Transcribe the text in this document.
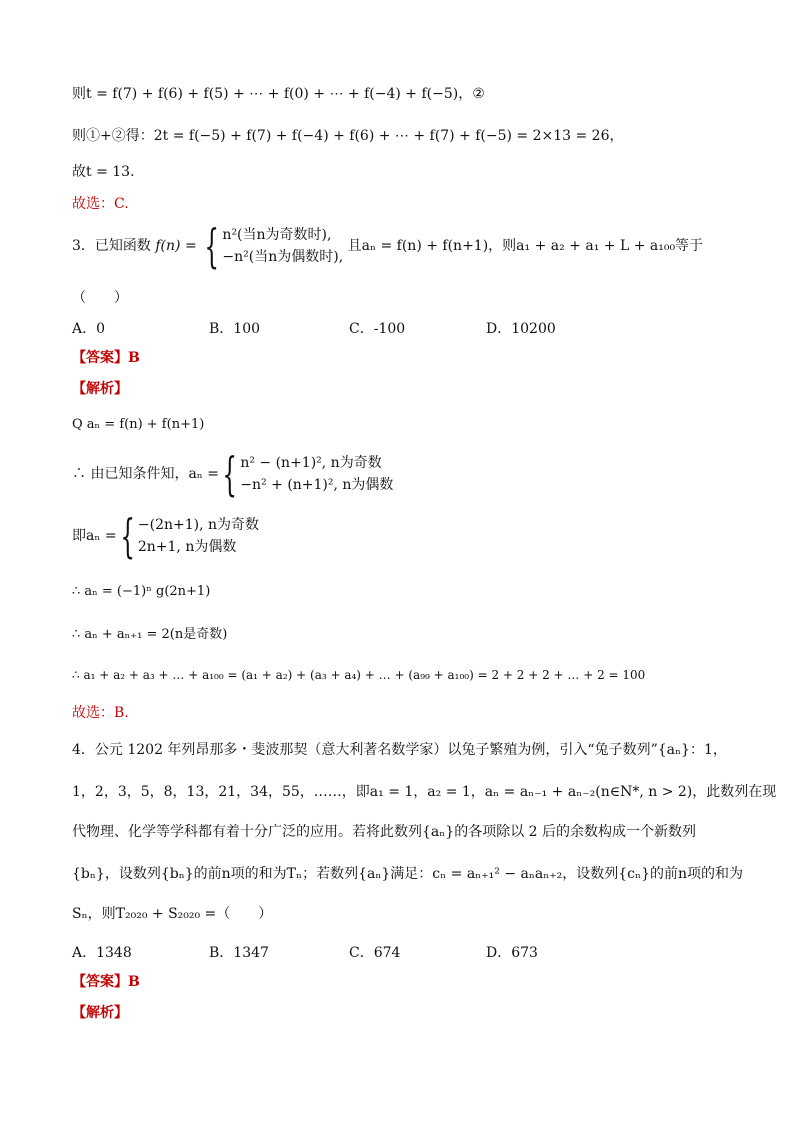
则t = f(7) + f(6) + f(5) + ⋯ + f(0) + ⋯ + f(−4) + f(−5)，②
则①+②得：2t = f(−5) + f(7) + f(−4) + f(6) + ⋯ + f(7) + f(−5) = 2×13 = 26，
故t = 13.
故选：C.
3．已知函数 f(n) = { n²(当n为奇数时),
−n²(当n为偶数时),
且aₙ = f(n) + f(n+1)，则a₁ + a₂ + a₁ + L + a₁₀₀等于
（　　）
A．0	B．100	C．-100	D．10200
【答案】B
【解析】
Q aₙ = f(n) + f(n+1)
∴ 由已知条件知，aₙ ={ n² − (n+1)², n为奇数
−n² + (n+1)², n为偶数
即aₙ ={ −(2n+1), n为奇数
2n+1, n为偶数
∴ aₙ = (−1)ⁿ g(2n+1)
∴ aₙ + aₙ₊₁ = 2(n是奇数)
∴ a₁ + a₂ + a₃ + … + a₁₀₀ = (a₁ + a₂) + (a₃ + a₄) + … + (a₉₉ + a₁₀₀) = 2 + 2 + 2 + … + 2 = 100
故选：B.
4．公元 1202 年列昂那多・斐波那契（意大利著名数学家）以兔子繁殖为例，引入“兔子数列”{aₙ}：1，
1，2，3，5，8，13，21，34，55，……，即a₁ = 1，a₂ = 1，aₙ = aₙ₋₁ + aₙ₋₂(n∈N*, n > 2)，此数列在现
代物理、化学等学科都有着十分广泛的应用。若将此数列{aₙ}的各项除以 2 后的余数构成一个新数列
{bₙ}，设数列{bₙ}的前n项的和为Tₙ；若数列{aₙ}满足：cₙ = aₙ₊₁² − aₙaₙ₊₂，设数列{cₙ}的前n项的和为
Sₙ，则T₂₀₂₀ + S₂₀₂₀ =（　　）
A．1348	B．1347	C．674	D．673
【答案】B
【解析】
